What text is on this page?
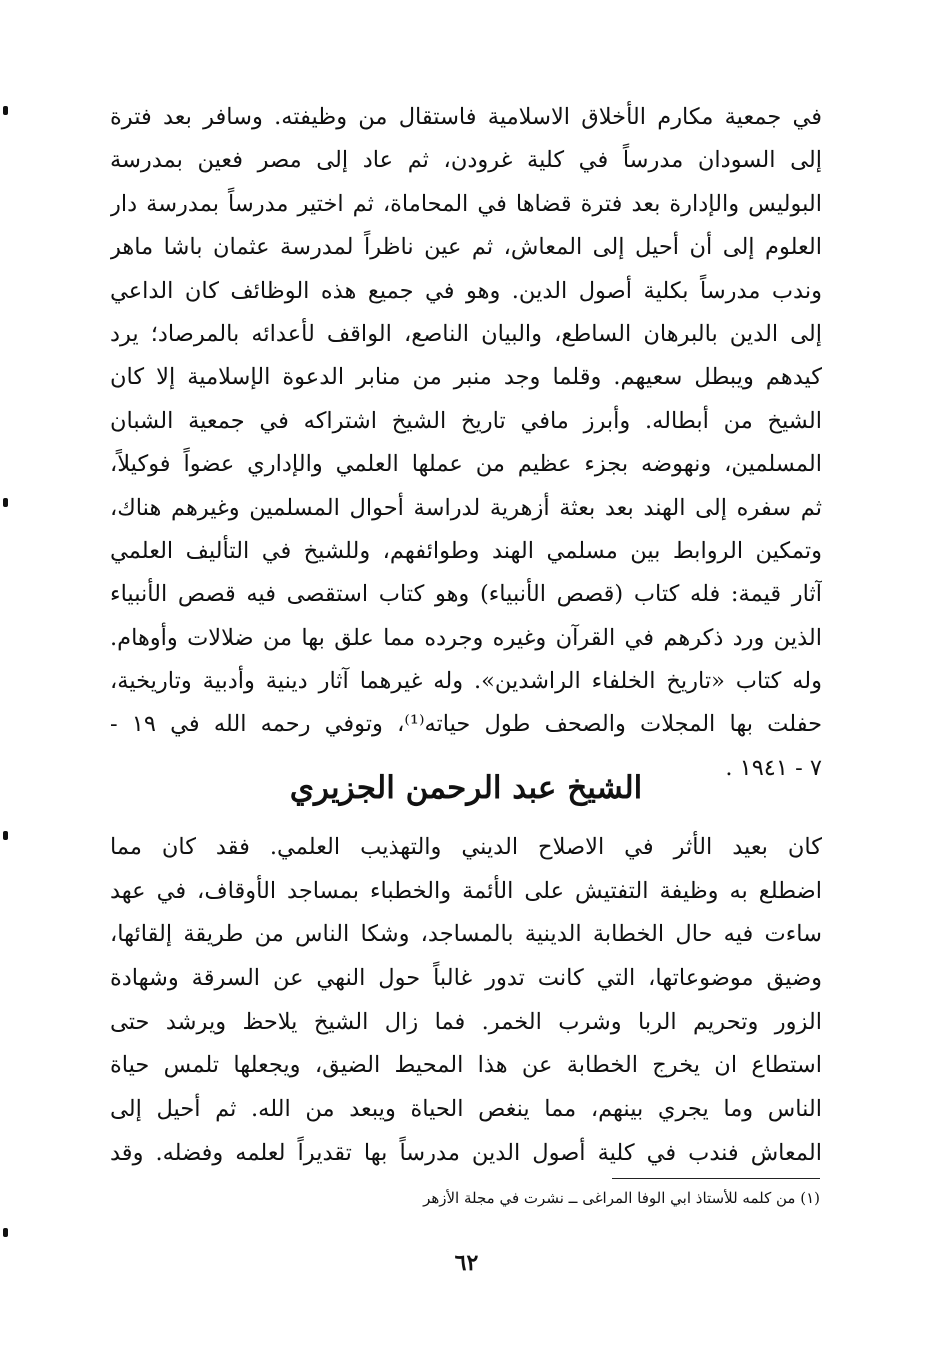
في جمعية مكارم الأخلاق الاسلامية فاستقال من وظيفته. وسافر بعد فترة
إلى السودان مدرساً في كلية غرودن، ثم عاد إلى مصر فعين بمدرسة
البوليس والإدارة بعد فترة قضاها في المحاماة، ثم اختير مدرساً بمدرسة دار
العلوم إلى أن أحيل إلى المعاش، ثم عين ناظراً لمدرسة عثمان باشا ماهر
وندب مدرساً بكلية أصول الدين. وهو في جميع هذه الوظائف كان الداعي
إلى الدين بالبرهان الساطع، والبيان الناصع، الواقف لأعدائه بالمرصاد؛ يرد
كيدهم ويبطل سعيهم. وقلما وجد منبر من منابر الدعوة الإسلامية إلا كان
الشيخ من أبطاله. وأبرز مافي تاريخ الشيخ اشتراكه في جمعية الشبان
المسلمين، ونهوضه بجزء عظيم من عملها العلمي والإداري عضواً فوكيلاً،
ثم سفره إلى الهند بعد بعثة أزهرية لدراسة أحوال المسلمين وغيرهم هناك،
وتمكين الروابط بين مسلمي الهند وطوائفهم، وللشيخ في التأليف العلمي
آثار قيمة: فله كتاب (قصص الأنبياء) وهو كتاب استقصى فيه قصص الأنبياء
الذين ورد ذكرهم في القرآن وغيره وجرده مما علق بها من ضلالات وأوهام.
وله كتاب «تاريخ الخلفاء الراشدين». وله غيرهما آثار دينية وأدبية وتاريخية،
حفلت بها المجلات والصحف طول حياته⁽¹⁾، وتوفي رحمه الله في ١٩ -
٧ - ١٩٤١ .
الشيخ عبد الرحمن الجزيري
كان بعيد الأثر في الاصلاح الديني والتهذيب العلمي. فقد كان مما
اضطلع به وظيفة التفتيش على الأئمة والخطباء بمساجد الأوقاف، في عهد
ساءت فيه حال الخطابة الدينية بالمساجد، وشكا الناس من طريقة إلقائها،
وضيق موضوعاتها، التي كانت تدور غالباً حول النهي عن السرقة وشهادة
الزور وتحريم الربا وشرب الخمر. فما زال الشيخ يلاحظ ويرشد حتى
استطاع ان يخرج الخطابة عن هذا المحيط الضيق، ويجعلها تلمس حياة
الناس وما يجري بينهم، مما ينغص الحياة ويبعد من الله. ثم أحيل إلى
المعاش فندب في كلية أصول الدين مدرساً بها تقديراً لعلمه وفضله. وقد
(١) من كلمه للأستاذ ابي الوفا المراغى ــ نشرت في مجلة الأزهر
٦٢
